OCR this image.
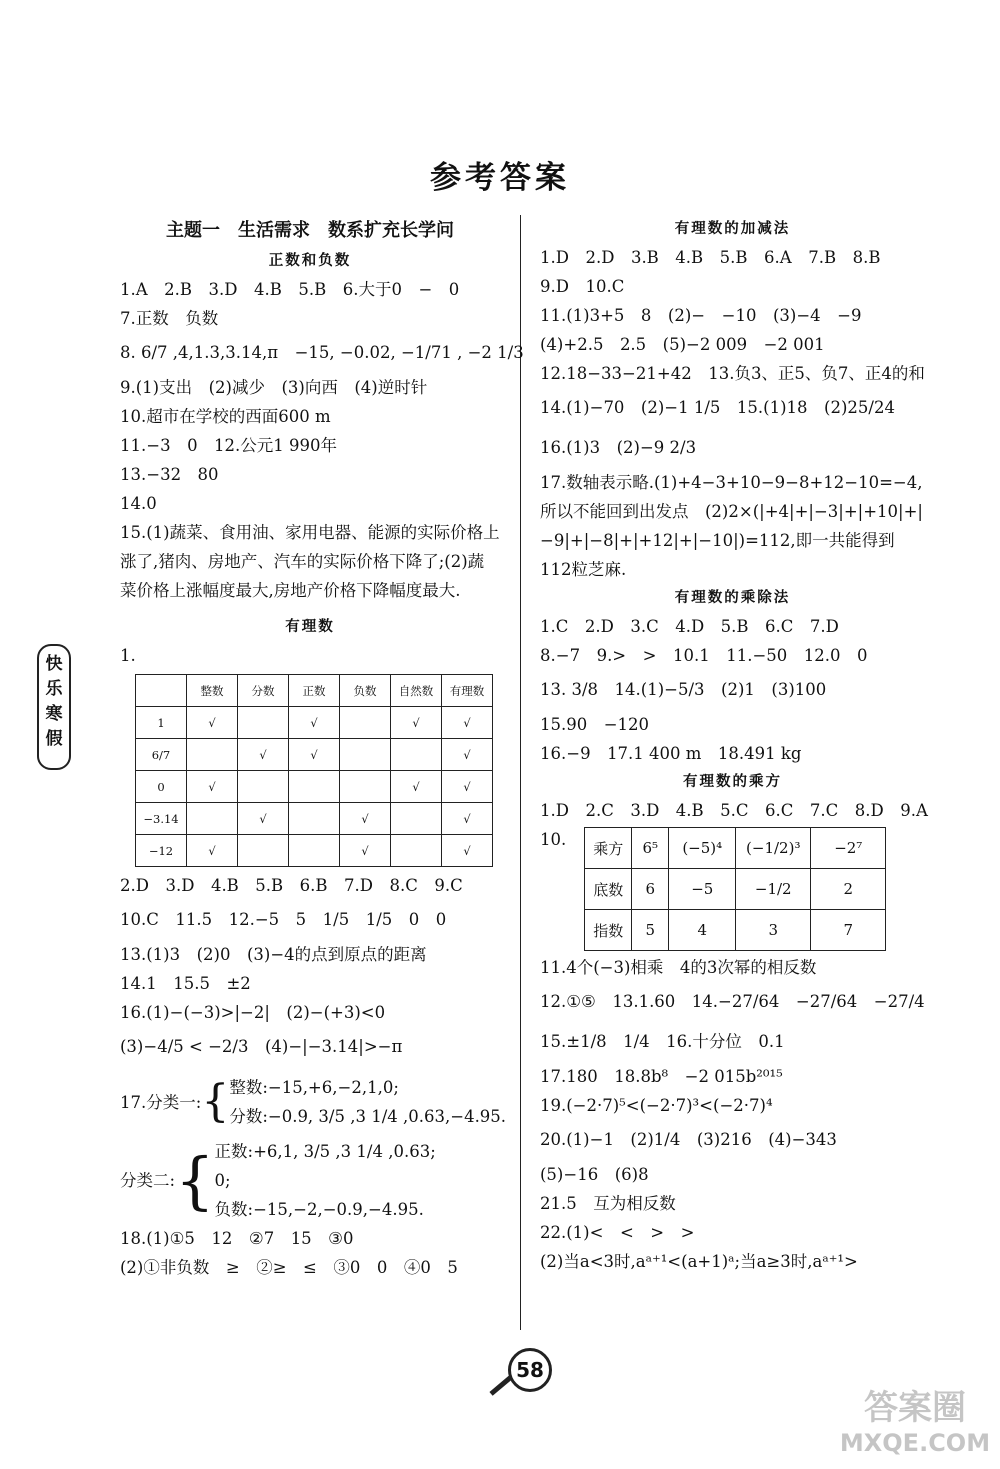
参考答案
快
乐
寒
假
主题一　生活需求　数系扩充长学问
正数和负数
1.A　2.B　3.D　4.B　5.B　6.大于0　−　0
7.正数　负数
8. 6/7 ,4,1.3,3.14,π　−15, −0.02, −1/71 , −2 1/3
9.(1)支出　(2)减少　(3)向西　(4)逆时针
10.超市在学校的西面600 m
11.−3　0　12.公元1 990年
13.−32　80
14.0
15.(1)蔬菜、食用油、家用电器、能源的实际价格上涨了,猪肉、房地产、汽车的实际价格下降了;(2)蔬菜价格上涨幅度最大,房地产价格下降幅度最大.
有理数
1.
	整数	分数	正数	负数	自然数	有理数
1	√		√		√	√
6/7		√	√			√
0	√				√	√
−3.14		√		√		√
−12	√			√		√
2.D　3.D　4.B　5.B　6.B　7.D　8.C　9.C
10.C　11.5　12.−5　5　1/5　1/5　0　0
13.(1)3　(2)0　(3)−4的点到原点的距离
14.1　15.5　±2
16.(1)−(−3)>|−2|　(2)−(+3)<0
(3)−4/5 < −2/3　(4)−|−3.14|>−π
17.分类一: { 整数:−15,+6,−2,1,0;
分数:−0.9, 3/5 ,3 1/4 ,0.63,−4.95.
分类二: { 正数:+6,1, 3/5 ,3 1/4 ,0.63;
0;
负数:−15,−2,−0.9,−4.95.
18.(1)①5　12　②7　15　③0
(2)①非负数　≥　②≥　≤　③0　0　④0　5
有理数的加减法
1.D　2.D　3.B　4.B　5.B　6.A　7.B　8.B
9.D　10.C
11.(1)3+5　8　(2)−　−10　(3)−4　−9
(4)+2.5　2.5　(5)−2 009　−2 001
12.18−33−21+42　13.负3、正5、负7、正4的和
14.(1)−70　(2)−1 1/5　15.(1)18　(2)25/24
16.(1)3　(2)−9 2/3
17.数轴表示略.(1)+4−3+10−9−8+12−10=−4,所以不能回到出发点　(2)2×(|+4|+|−3|+|+10|+|−9|+|−8|+|+12|+|−10|)=112,即一共能得到112粒芝麻.
有理数的乘除法
1.C　2.D　3.C　4.D　5.B　6.C　7.D
8.−7　9.>　>　10.1　11.−50　12.0　0
13. 3/8　14.(1)−5/3　(2)1　(3)100
15.90　−120
16.−9　17.1 400 m　18.491 kg
有理数的乘方
1.D　2.C　3.D　4.B　5.C　6.C　7.C　8.D　9.A
10. 乘方	6⁵	(−5)⁴	(−1/2)³	−2⁷
底数	6	−5	−1/2	2
指数	5	4	3	7
11.4个(−3)相乘　4的3次幂的相反数
12.①⑤　13.1.60　14.−27/64　−27/64　−27/4
15.±1/8　1/4　16.十分位　0.1
17.180　18.8b⁸　−2 015b²⁰¹⁵
19.(−2·7)⁵<(−2·7)³<(−2·7)⁴
20.(1)−1　(2)1/4　(3)216　(4)−343
(5)−16　(6)8
21.5　互为相反数
22.(1)<　<　>　>
(2)当a<3时,aᵃ⁺¹<(a+1)ᵃ;当a≥3时,aᵃ⁺¹>
58
答案圈
MXQE.COM
